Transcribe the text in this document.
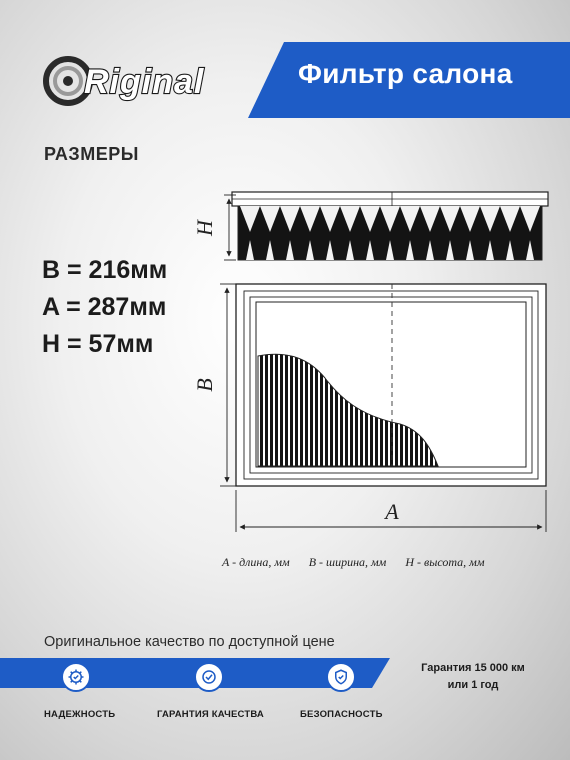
Riginal	Фильтр салона
РАЗМЕРЫ
B = 216мм
A = 287мм
H = 57мм
H
B
A
A - длина, мм B - ширина, мм H - высота, мм
Оригинальное качество по доступной цене
НАДЕЖНОСТЬ	ГАРАНТИЯ КАЧЕСТВА	БЕЗОПАСНОСТЬ
Гарантия 15 000 км
или 1 год
